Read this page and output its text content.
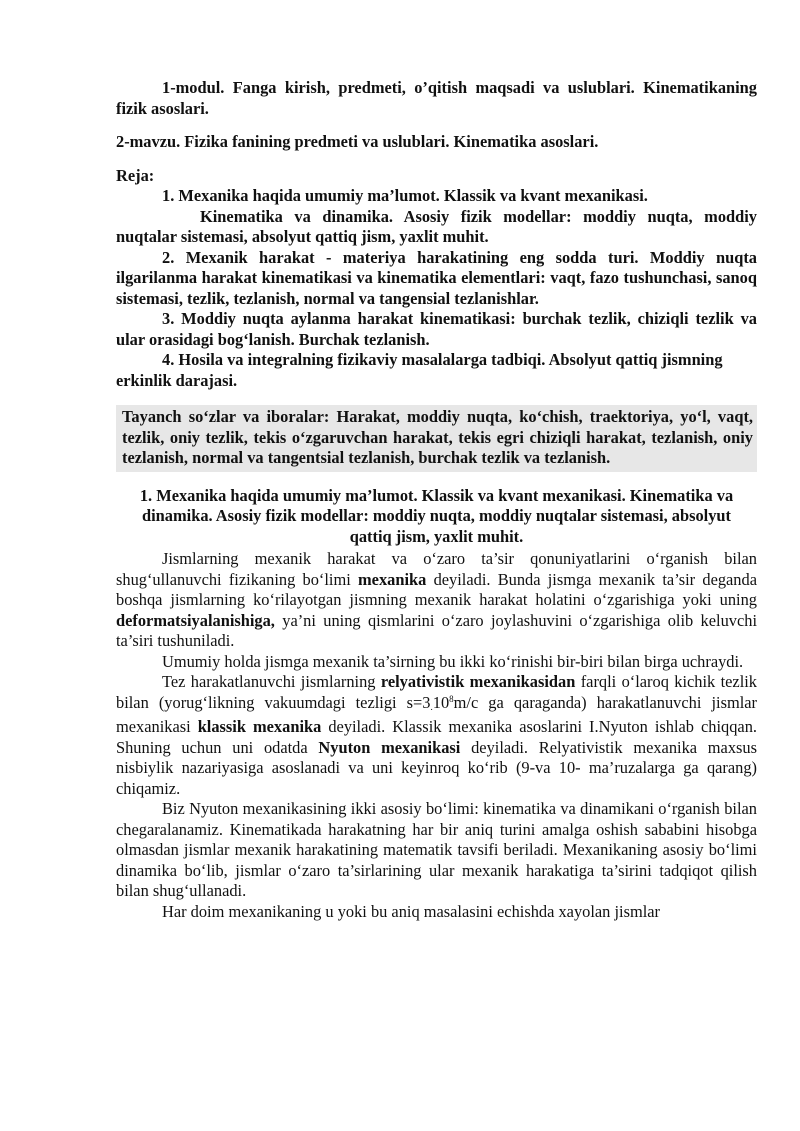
1-modul. Fanga kirish, predmeti, o’qitish maqsadi va uslublari. Kinematikaning fizik asoslari.

2-mavzu. Fizika fanining predmeti va uslublari. Kinematika asoslari.

Reja:

1. Mexanika haqida umumiy ma’lumot. Klassik va kvant mexanikasi.

Kinematika va dinamika. Asosiy fizik modellar: moddiy nuqta, moddiy nuqtalar sistemasi, absolyut qattiq jism, yaxlit muhit.

2. Mexanik harakat - materiya harakatining eng sodda turi. Moddiy nuqta ilgarilanma harakat kinematikasi va kinematika elementlari: vaqt, fazo tushunchasi, sanoq sistemasi, tezlik, tezlanish, normal va tangensial tezlanishlar.

3. Moddiy nuqta aylanma harakat kinematikasi: burchak tezlik, chiziqli tezlik va ular orasidagi bog‘lanish. Burchak tezlanish.

4. Hosila va integralning fizikaviy masalalarga tadbiqi. Absolyut qattiq jismning erkinlik darajasi.

Tayanch so‘zlar va iboralar: Harakat, moddiy nuqta, ko‘chish, traektoriya, yo‘l, vaqt, tezlik, oniy tezlik, tekis o‘zgaruvchan harakat, tekis egri chiziqli harakat, tezlanish, oniy tezlanish, normal va tangentsial tezlanish, burchak tezlik va tezlanish.

1. Mexanika haqida umumiy ma’lumot. Klassik va kvant mexanikasi. Kinematika va dinamika. Asosiy fizik modellar: moddiy nuqta, moddiy nuqtalar sistemasi, absolyut qattiq jism, yaxlit muhit.

Jismlarning mexanik harakat va o‘zaro ta’sir qonuniyatlarini o‘rganish bilan shug‘ullanuvchi fizikaning bo‘limi mexanika deyiladi. Bunda jismga mexanik ta’sir deganda boshqa jismlarning ko‘rilayotgan jismning mexanik harakat holatini o‘zgarishiga yoki uning deformatsiyalanishiga, ya’ni uning qismlarini o‘zaro joylashuvini o‘zgarishiga olib keluvchi ta’siri tushuniladi.

Umumiy holda jismga mexanik ta’sirning bu ikki ko‘rinishi bir-biri bilan birga uchraydi.

Tez harakatlanuvchi jismlarning relyativistik mexanikasidan farqli o‘laroq kichik tezlik bilan (yorug‘likning vakuumdagi tezligi $s=3.10^8m/c$ ga qaraganda) harakatlanuvchi jismlar mexanikasi klassik mexanika deyiladi. Klassik mexanika asoslarini I.Nyuton ishlab chiqqan. Shuning uchun uni odatda Nyuton mexanikasi deyiladi. Relyativistik mexanika maxsus nisbiylik nazariyasiga asoslanadi va uni keyinroq ko‘rib (9-va 10- ma’ruzalarga ga qarang) chiqamiz.

Biz Nyuton mexanikasining ikki asosiy bo‘limi: kinematika va dinamikani o‘rganish bilan chegaralanamiz. Kinematikada harakatning har bir aniq turini amalga oshish sababini hisobga olmasdan jismlar mexanik harakatining matematik tavsifi beriladi. Mexanikaning asosiy bo‘limi dinamika bo‘lib, jismlar o‘zaro ta’sirlarining ular mexanik harakatiga ta’sirini tadqiqot qilish bilan shug‘ullanadi.

Har doim mexanikaning u yoki bu aniq masalasini echishda xayolan jismlar
